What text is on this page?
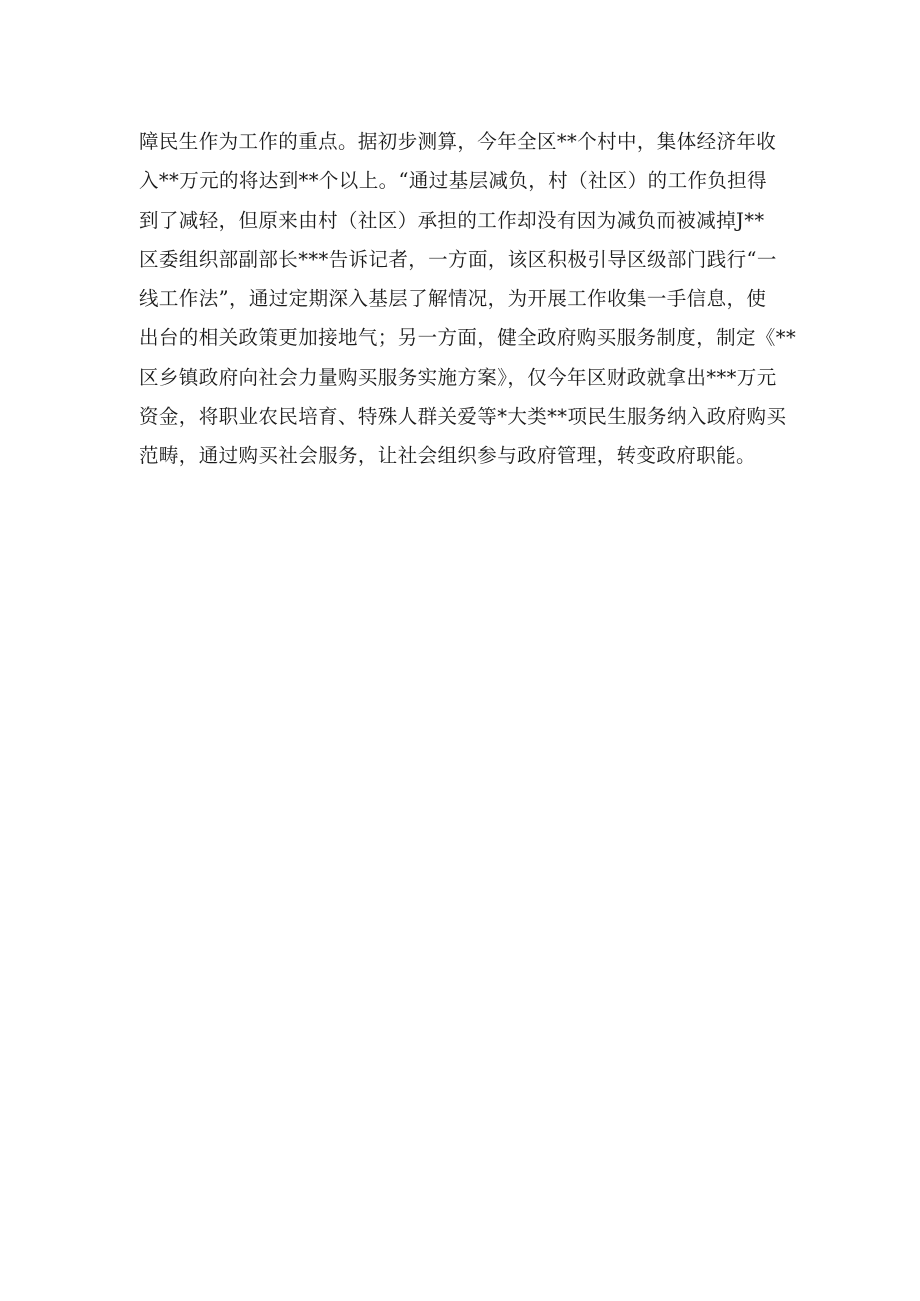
障民生作为工作的重点。据初步测算，今年全区**个村中，集体经济年收
入**万元的将达到**个以上。“通过基层减负，村（社区）的工作负担得
到了减轻，但原来由村（社区）承担的工作却没有因为减负而被减掉J**
区委组织部副部长***告诉记者，一方面，该区积极引导区级部门践行“一
线工作法”，通过定期深入基层了解情况，为开展工作收集一手信息，使
出台的相关政策更加接地气；另一方面，健全政府购买服务制度，制定《**
区乡镇政府向社会力量购买服务实施方案》，仅今年区财政就拿出***万元
资金，将职业农民培育、特殊人群关爱等*大类**项民生服务纳入政府购买
范畴，通过购买社会服务，让社会组织参与政府管理，转变政府职能。
